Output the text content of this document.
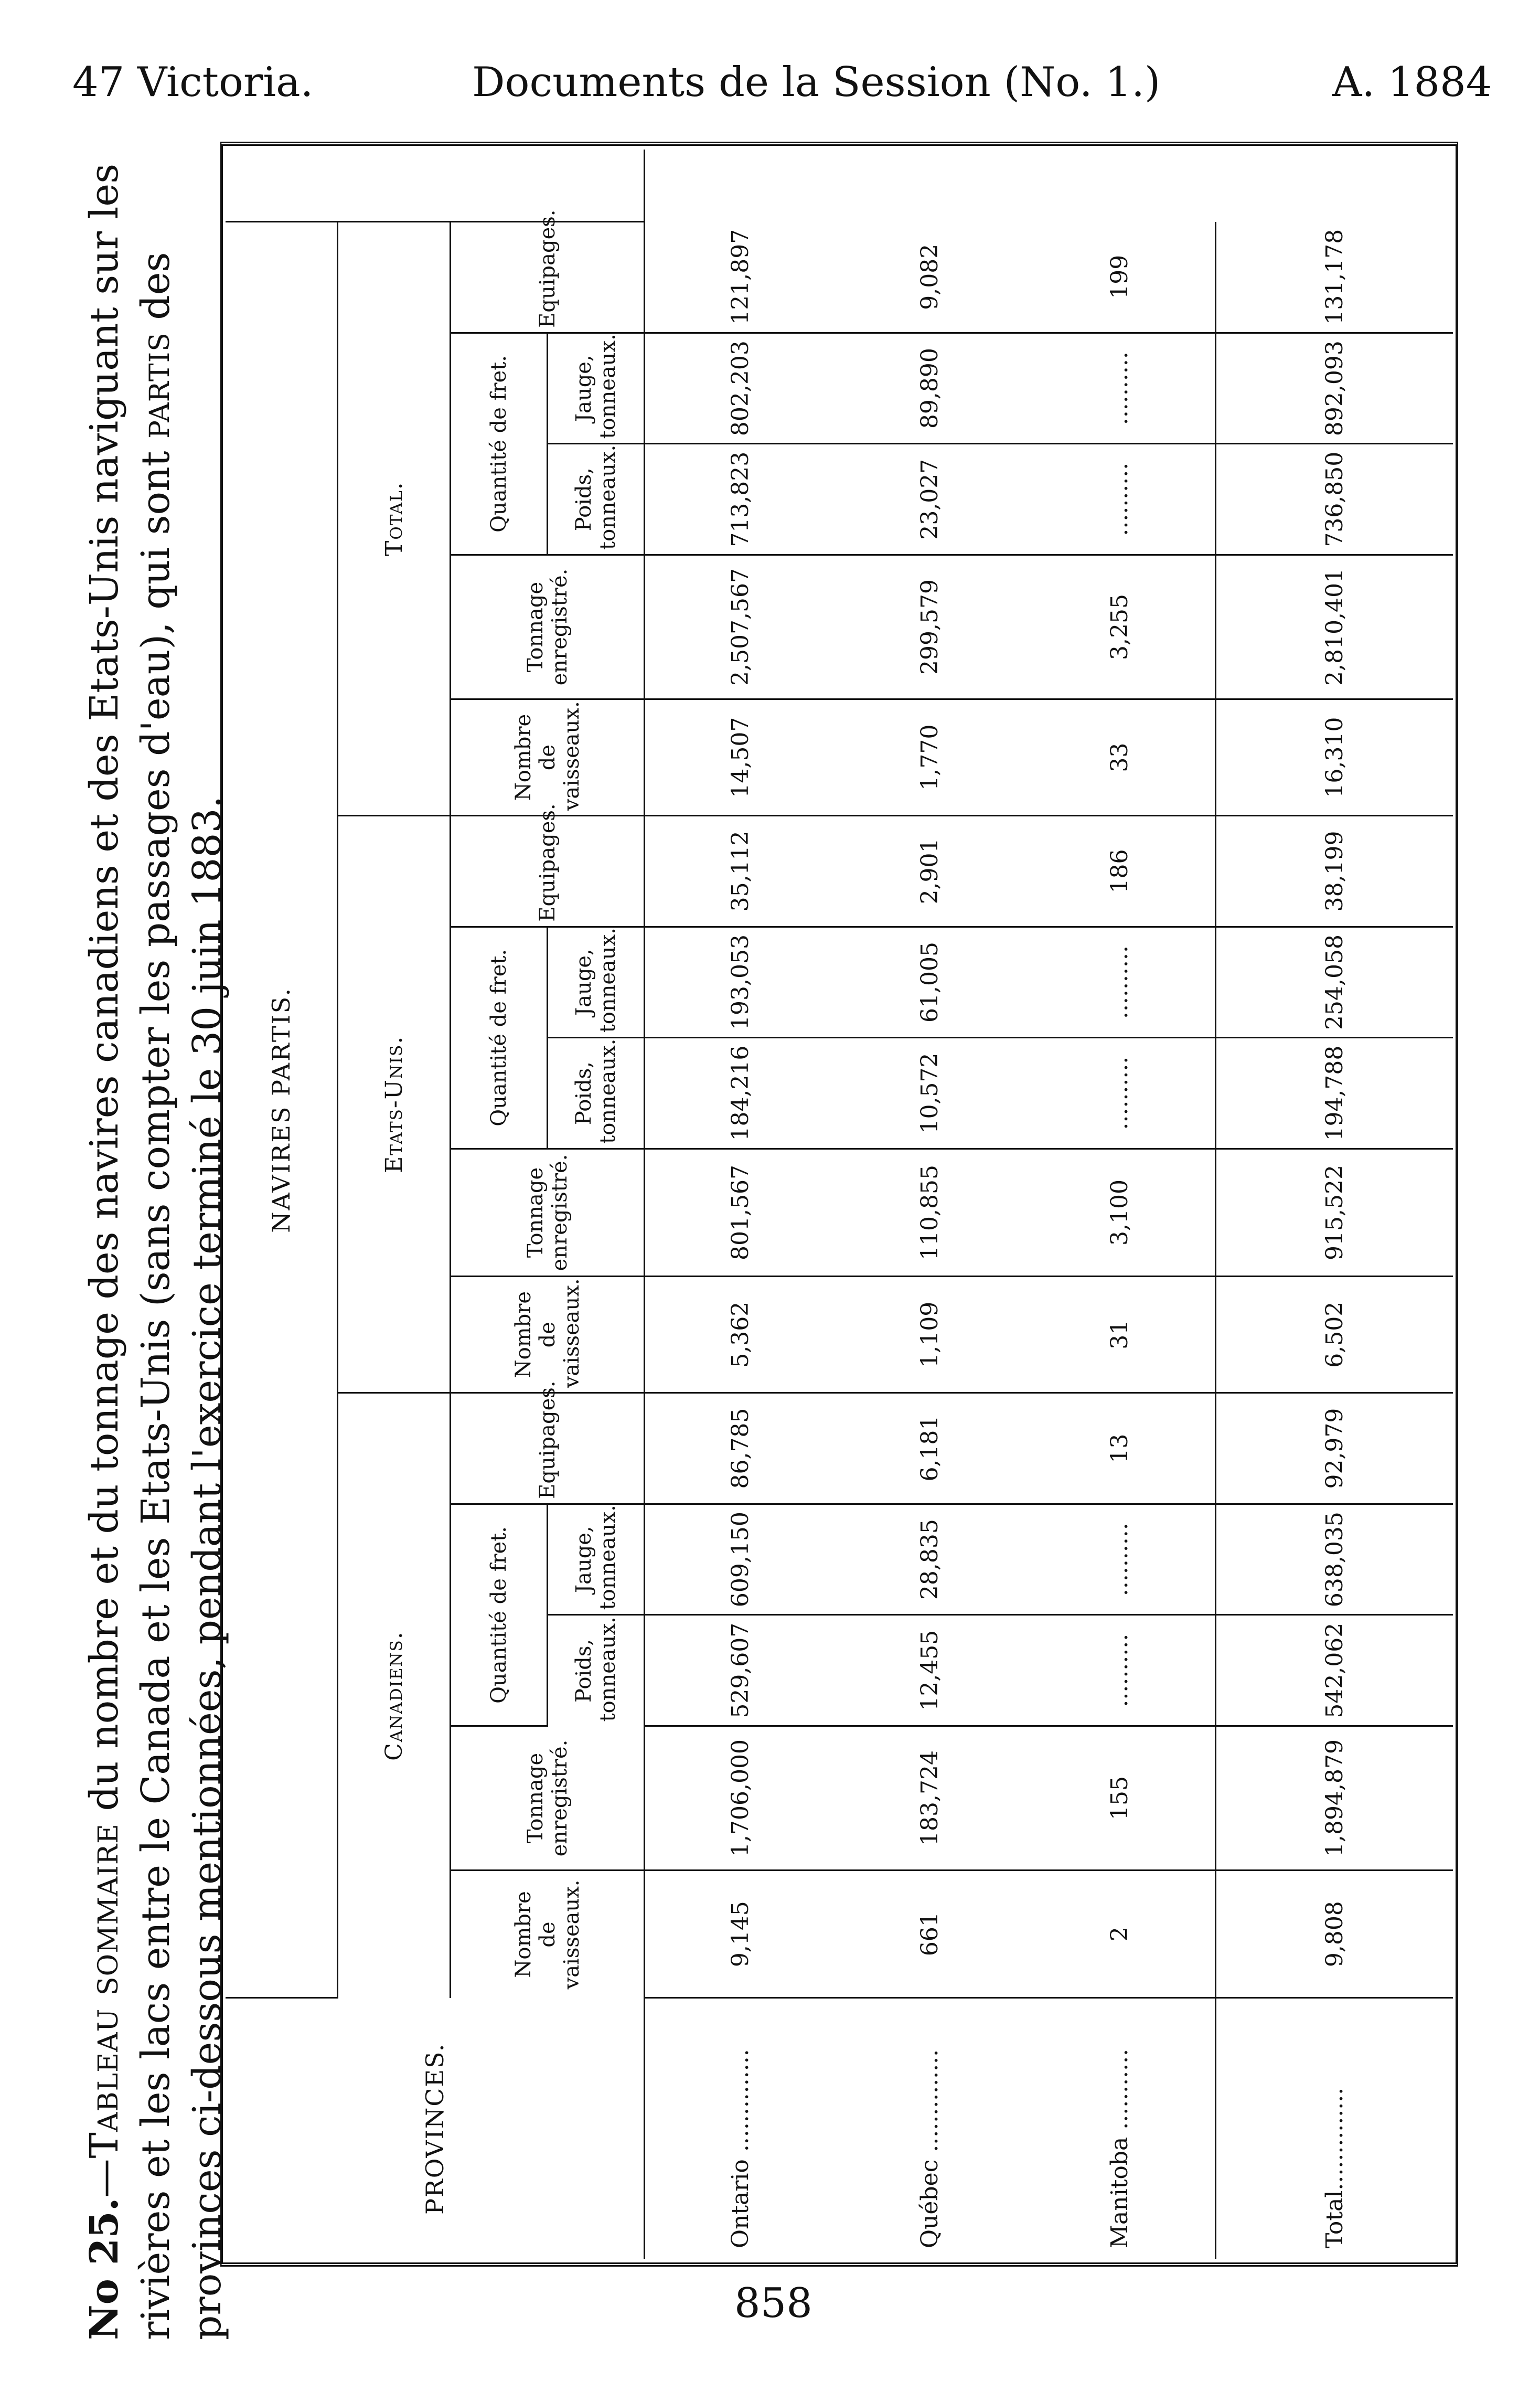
47 Victoria.	Documents de la Session (No. 1.)	A. 1884
No 25.—Tableau sommaire du nombre et du tonnage des navires canadiens et des Etats-Unis naviguant sur les rivières et les lacs entre le Canada et les Etats-Unis (sans compter les passages d'eau), qui sont partis des provinces ci-dessous mentionnées, pendant l'exercice terminé le 30 juin 1883.	PROVINCES.	NAVIRES PARTIS.															
	Canadiens.					Etats-Unis.					Total.					
	Nombre de vaisseaux.	Tonnage enregistré.	Quantité de fret.		Equipages.	Nombre de vaisseaux.	Tonnage enregistré.	Quantité de fret.		Equipages.	Nombre de vaisseaux.	Tonnage enregistré.	Quantité de fret.		Equipages.	
			Poids, tonneaux.	Jauge, tonneaux.				Poids, tonneaux.	Jauge, tonneaux.				Poids, tonneaux.	Jauge, tonneaux.		
Ontario ..............	9,145	1,706,000	529,607	609,150	86,785	5,362	801,567	184,216	193,053	35,112	14,507	2,507,567	713,823	802,203	121,897	
Québec ..............	661	183,724	12,455	28,835	6,181	1,109	110,855	10,572	61,005	2,901	1,770	299,579	23,027	89,890	9,082	
Manitoba ...........	2	155	..........	..........	13	31	3,100	..........	..........	186	33	3,255	..........	..........	199	
Total..............	9,808	1,894,879	542,062	638,035	92,979	6,502	915,522	194,788	254,058	38,199	16,310	2,810,401	736,850	892,093	131,178	
858
